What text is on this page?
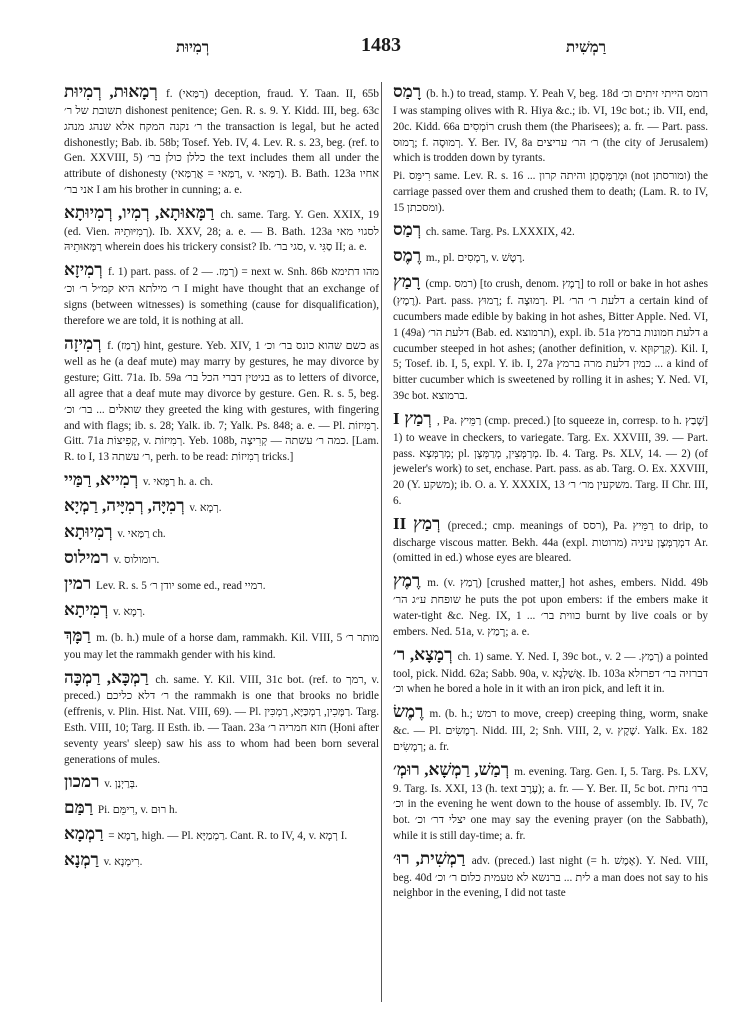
רְמִיוּת	1483	רַמְשִׁית

רְמָאוּת, רְמִיוּת f. (רַמַּאי) deception, fraud. Y. Taan. II, 65b תשובת של ר׳ dishonest penitence; Gen. R. s. 9. Y. Kidd. III, beg. 63c ר׳ נקנה המקח אלא שנהג מנהג the transaction is legal, but he acted dishonestly; Bab. ib. 58b; Tosef. Yeb. IV, 4. Lev. R. s. 23, beg. (ref. to Gen. XXVIII, 5) כללן כולן בר׳ the text includes them all under the attribute of dishonesty (רַמַּאי = אֲרַמַּאי, v. רַמַּאי). B. Bath. 123a אחיו אני בר׳ I am his brother in cunning; a. e.

רַמָּאוּתָא, רְמִיו, רְמִיוּתָא ch. same. Targ. Y. Gen. XXIX, 19 (ed. Vien. רְמִיּוּתֵיהּ). Ib. XXV, 28; a. e. — B. Bath. 123a לסגוי מאי רַמָּאוּתֵיהּ wherein does his trickery consist? Ib. סגי בר׳, v. סַגִּי II; a. e.

רְמִיזָא f. 1) part. pass. of רְמַז. — 2) = next w. Snh. 86b מהו דתימא ר׳ מילתא היא קמ״ל ר׳ וכ׳ I might have thought that an exchange of signs (between witnesses) is something (cause for disqualification), therefore we are told, it is nothing at all.

רְמִיזָה f. (רָמַז) hint, gesture. Yeb. XIV, 1 כשם שהוא כונס בר׳ וכ׳ as well as he (a deaf mute) may marry by gestures, he may divorce by gesture; Gitt. 71a. Ib. 59a בגיטין דברי הכל בר׳ as to letters of divorce, all agree that a deaf mute may divorce by gesture. Gen. R. s. 5, beg. שואלים ... בר׳ וכ׳ they greeted the king with gestures, with fingering and with flags; ib. s. 28; Yalk. ib. 7; Yalk. Ps. 848; a. e. — Pl. רְמִיזוֹת. Gitt. 71a קְפִיצוֹת, v. רְמִיזוֹת. Yeb. 108b, כמה ר׳ עשתה — קְרִיצָה. [Lam. R. to I, 13 ר׳ עשתה, perh. to be read: רְמִיזוֹת tricks.]

רְמִייא, רַמַּיי v. רַמָּאי h. a. ch.

רְמִיָּה, רְמִיָּיה, רַמְיָא v. רְמָא.

רְמִיוּתָא v. רַמַּאי ch.

רמילוס v. רומולוס.

רמין Lev. R. s. 5 יודן ר׳ some ed., read רמיי.

רְמִיתָא v. רְמָא.

רַמָּךְ m. (b. h.) mule of a horse dam, rammakh. Kil. VIII, 5 מותר ר׳ you may let the rammakh gender with his kind.

רַמְכָּא, רַמְכָּה ch. same. Y. Kil. VIII, 31c bot. (ref. to רמך, v. preced.) ר׳ דלא כליכם the rammakh is one that brooks no bridle (effrenis, v. Plin. Hist. Nat. VIII, 69). — Pl. רַמָּכִין, רַמְכַּיָּא, רַמְכִּין. Targ. Esth. VIII, 10; Targ. II Esth. ib. — Taan. 23a חזא חמריה ר׳ (Ḥoni after seventy years' sleep) saw his ass to whom had been born several generations of mules.

רמכון v. בְּרַיְנַן.

רַמַּם Pi. רִימֵּם, v. רוּם h.

רַמְמָא = רְמָא, high. — Pl. רַמְמַיָּא. Cant. R. to IV, 4, v. רְמָא I.

רַמְנָא v. רִימְנָא.

רָמַס (b. h.) to tread, stamp. Y. Peah V, beg. 18d רומס הייתי זיתים וכ׳ I was stamping olives with R. Hiya &c.; ib. VI, 19c bot.; ib. VII, end, 20c. Kidd. 66a רוֹמְסִים crush them (the Pharisees); a. fr. — Part. pass. רָמוּס; f. רְמוּסָה. Y. Ber. IV, 8a ר׳ הר׳ עריצים (the city of Jerusalem) which is trodden down by tyrants.

Pi. רִימֵּס same. Lev. R. s. 16 ... וּמְרַמְּסָתָן והיתה קרון (not ומורסתן) the carriage passed over them and crushed them to death; (Lam. R. to IV, 15 ומסכתן).

רְמַס ch. same. Targ. Ps. LXXXIX, 42.

רֶמֶס m., pl. רְמָסִים, v. רֶטֶשׁ.

רָמַץ (cmp. רמס) [to crush, denom. רֶמֶץ] to roll or bake in hot ashes (רֶמֶץ). Part. pass. רָמוּץ; f. רְמוּצָה. Pl. דלעת ר׳ הר׳ a certain kind of cucumbers made edible by baking in hot ashes, Bitter Apple. Ned. VI, 1 (49a) דלעת הר׳ (Bab. ed. תרמוצא), expl. ib. 51a דלעת חמונות ברמץ a cucumber steeped in hot ashes; (another definition, v. קְרָקוּזָא). Kil. I, 5; Tosef. ib. I, 5, expl. Y. ib. I, 27a כמין דלעת מרה ברמץ ... a kind of bitter cucumber which is sweetened by rolling it in ashes; Y. Ned. VI, 39c bot. ברמוצא.

רְמַץ I , Pa. רַמֵּיץ (cmp. preced.) [to squeeze in, corresp. to h. שָׁבַץ] 1) to weave in checkers, to variegate. Targ. Ex. XXVIII, 39. — Part. pass. מְרַמְּצָא; pl. מְרַמְּצִין, מְרַמְּצָן. Ib. 4. Targ. Ps. XLV, 14. — 2) (of jeweler's work) to set, enchase. Part. pass. as ab. Targ. O. Ex. XXVIII, 20 (Y. משקע); ib. O. a. Y. XXXIX, 13 משקעין מר׳ ר׳. Targ. II Chr. III, 6.

רְמַץ II (preced.; cmp. meanings of רסס), Pa. רַמֵּיץ to drip, to discharge viscous matter. Bekh. 44a (expl. מרוטות) דמְרַמְּצָן עיניה Ar. (omitted in ed.) whose eyes are bleared.

רֶמֶץ m. (v. רָמַץ) [crushed matter,] hot ashes, embers. Nidd. 49b שופחת ע״ג הר׳ he puts the pot upon embers: if the embers make it water-tight &c. Neg. IX, 1 ... כווית בר׳ burnt by live coals or by embers. Ned. 51a, v. רָמַץ; a. e.

רְמָצָא, ר׳ ch. 1) same. Y. Ned. I, 39c bot., v. רְמַץ. — 2) a pointed tool, pick. Nidd. 62a; Sabb. 90a, v. אֲשַׁלְגָא. Ib. 103a דברזיה בר׳ דפרזלא וכ׳ when he bored a hole in it with an iron pick, and left it in.

רֶמֶשׂ m. (b. h.; רמש to move, creep) creeping thing, worm, snake &c. — Pl. רְמָשִׂים. Nidd. III, 2; Snh. VIII, 2, v. שֶׁקֶץ. Yalk. Ex. 182 רְמָשִׂים; a. fr.

רְמַשׁ, רַמְשָׁא, רוּמְ׳ m. evening. Targ. Gen. I, 5. Targ. Ps. LXV, 9. Targ. Is. XXI, 13 (h. text עֶרֶב); a. fr. — Y. Ber. II, 5c bot. ברו׳ נחית וכ׳ in the evening he went down to the house of assembly. Ib. IV, 7c bot. יצלי דר׳ וכ׳ one may say the evening prayer (on the Sabbath), while it is still day-time; a. fr.

רַמְשִׁית, רוּ׳ adv. (preced.) last night (= h. אֶמֶשׁ). Y. Ned. VIII, beg. 40d לית ... ברנשא לא טעמית כלום ר׳ וכ׳ a man does not say to his neighbor in the evening, I did not taste
